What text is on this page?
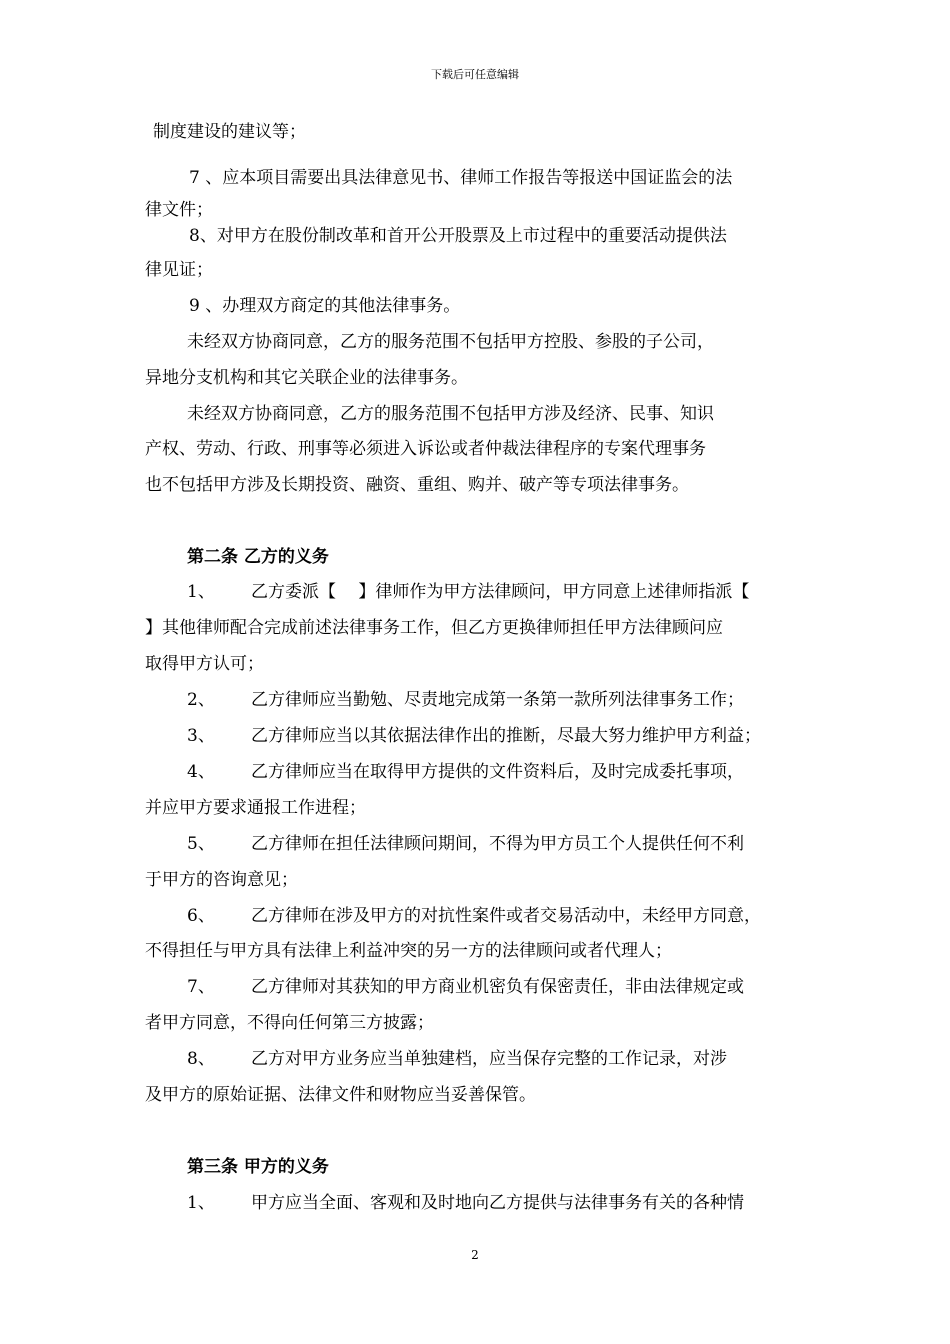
下载后可任意编辑
制度建设的建议等；
7 、应本项目需要出具法律意见书、律师工作报告等报送中国证监会的法
律文件；
8、对甲方在股份制改革和首开公开股票及上市过程中的重要活动提供法
律见证；
9 、办理双方商定的其他法律事务。
未经双方协商同意，乙方的服务范围不包括甲方控股、参股的子公司，
异地分支机构和其它关联企业的法律事务。
未经双方协商同意，乙方的服务范围不包括甲方涉及经济、民事、知识
产权、劳动、行政、刑事等必须进入诉讼或者仲裁法律程序的专案代理事务
也不包括甲方涉及长期投资、融资、重组、购并、破产等专项法律事务。
第二条 乙方的义务
1、 乙方委派【　 】律师作为甲方法律顾问，甲方同意上述律师指派【
】其他律师配合完成前述法律事务工作，但乙方更换律师担任甲方法律顾问应
取得甲方认可；
2、 乙方律师应当勤勉、尽责地完成第一条第一款所列法律事务工作；
3、 乙方律师应当以其依据法律作出的推断，尽最大努力维护甲方利益；
4、 乙方律师应当在取得甲方提供的文件资料后，及时完成委托事项，
并应甲方要求通报工作进程；
5、 乙方律师在担任法律顾问期间，不得为甲方员工个人提供任何不利
于甲方的咨询意见；
6、 乙方律师在涉及甲方的对抗性案件或者交易活动中，未经甲方同意，
不得担任与甲方具有法律上利益冲突的另一方的法律顾问或者代理人；
7、 乙方律师对其获知的甲方商业机密负有保密责任，非由法律规定或
者甲方同意，不得向任何第三方披露；
8、 乙方对甲方业务应当单独建档，应当保存完整的工作记录，对涉
及甲方的原始证据、法律文件和财物应当妥善保管。
第三条 甲方的义务
1、 甲方应当全面、客观和及时地向乙方提供与法律事务有关的各种情
2
